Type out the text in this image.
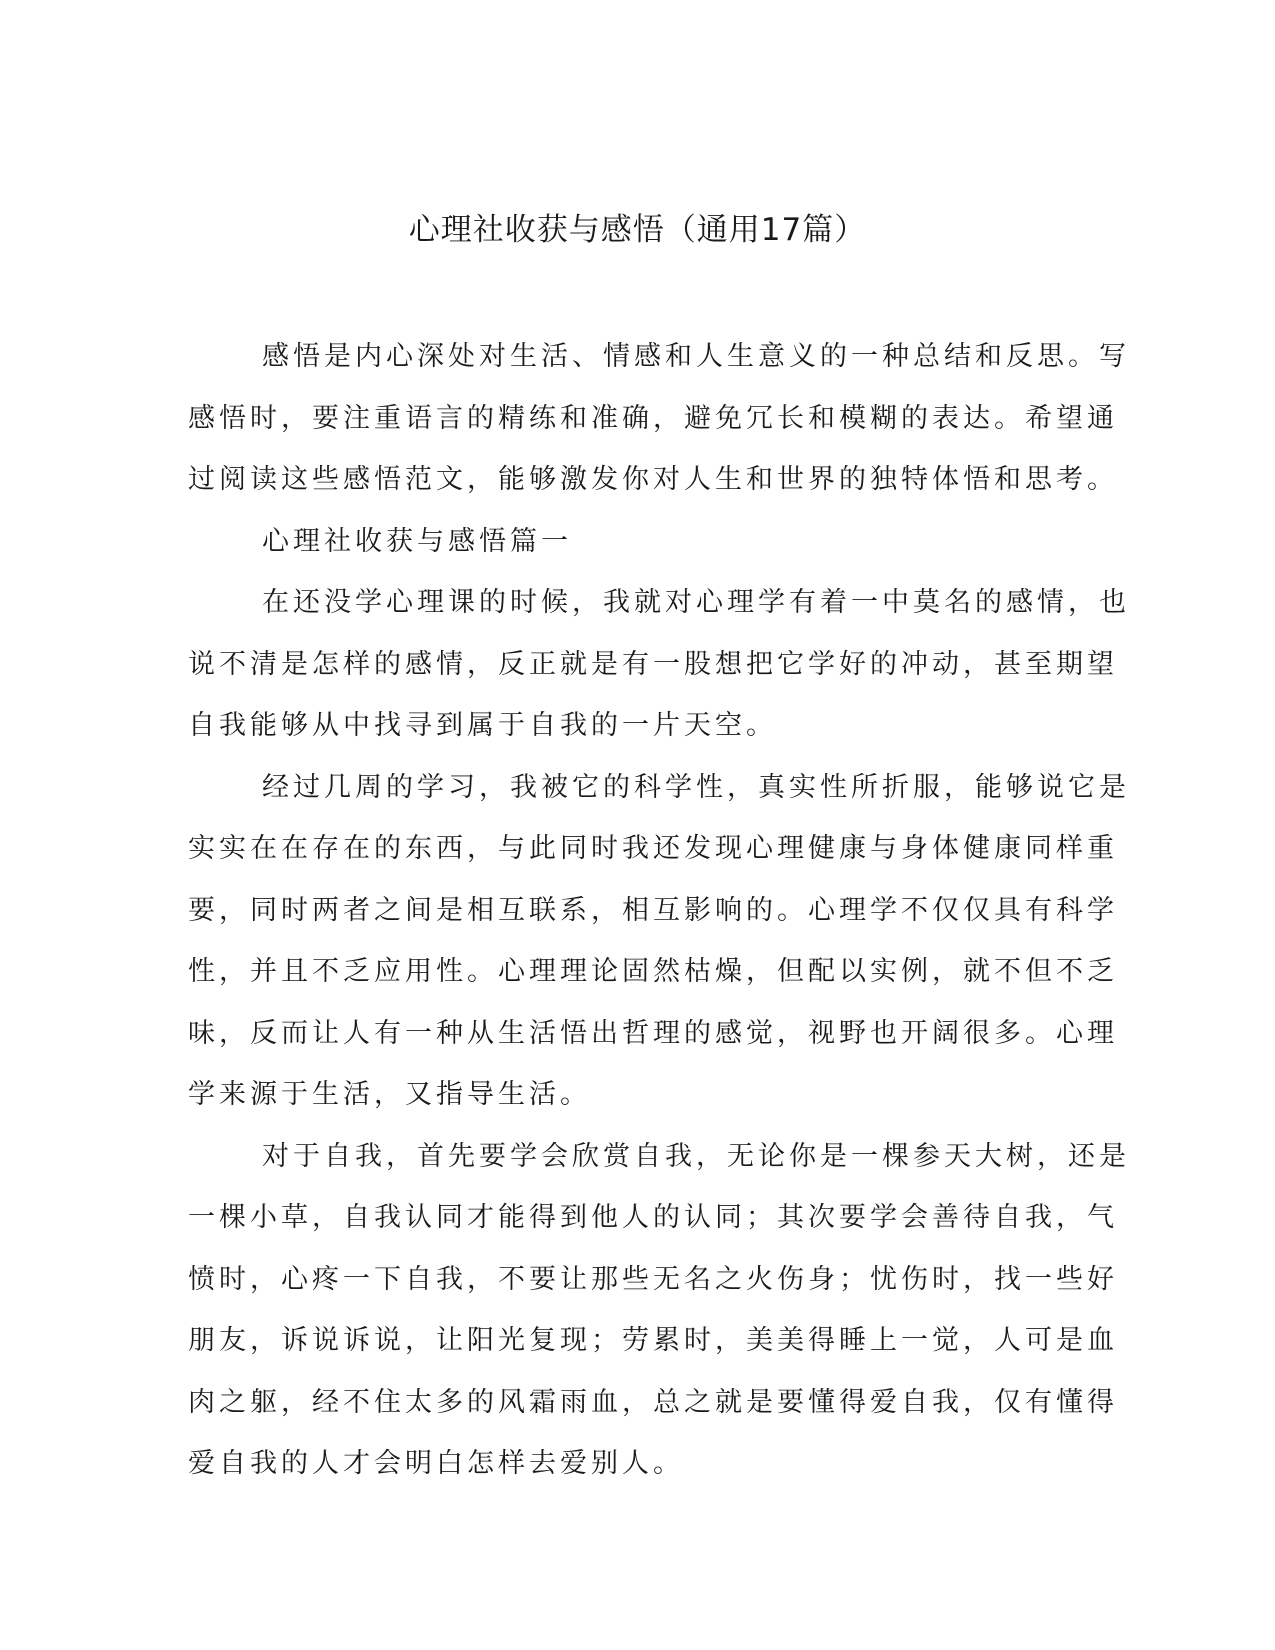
心理社收获与感悟（通用17篇）

感悟是内心深处对生活、情感和人生意义的一种总结和反思。写
感悟时，要注重语言的精练和准确，避免冗长和模糊的表达。希望通
过阅读这些感悟范文，能够激发你对人生和世界的独特体悟和思考。

心理社收获与感悟篇一

在还没学心理课的时候，我就对心理学有着一中莫名的感情，也
说不清是怎样的感情，反正就是有一股想把它学好的冲动，甚至期望
自我能够从中找寻到属于自我的一片天空。

经过几周的学习，我被它的科学性，真实性所折服，能够说它是
实实在在存在的东西，与此同时我还发现心理健康与身体健康同样重
要，同时两者之间是相互联系，相互影响的。心理学不仅仅具有科学
性，并且不乏应用性。心理理论固然枯燥，但配以实例，就不但不乏
味，反而让人有一种从生活悟出哲理的感觉，视野也开阔很多。心理
学来源于生活，又指导生活。

对于自我，首先要学会欣赏自我，无论你是一棵参天大树，还是
一棵小草，自我认同才能得到他人的认同；其次要学会善待自我，气
愤时，心疼一下自我，不要让那些无名之火伤身；忧伤时，找一些好
朋友，诉说诉说，让阳光复现；劳累时，美美得睡上一觉，人可是血
肉之躯，经不住太多的风霜雨血，总之就是要懂得爱自我，仅有懂得
爱自我的人才会明白怎样去爱别人。
